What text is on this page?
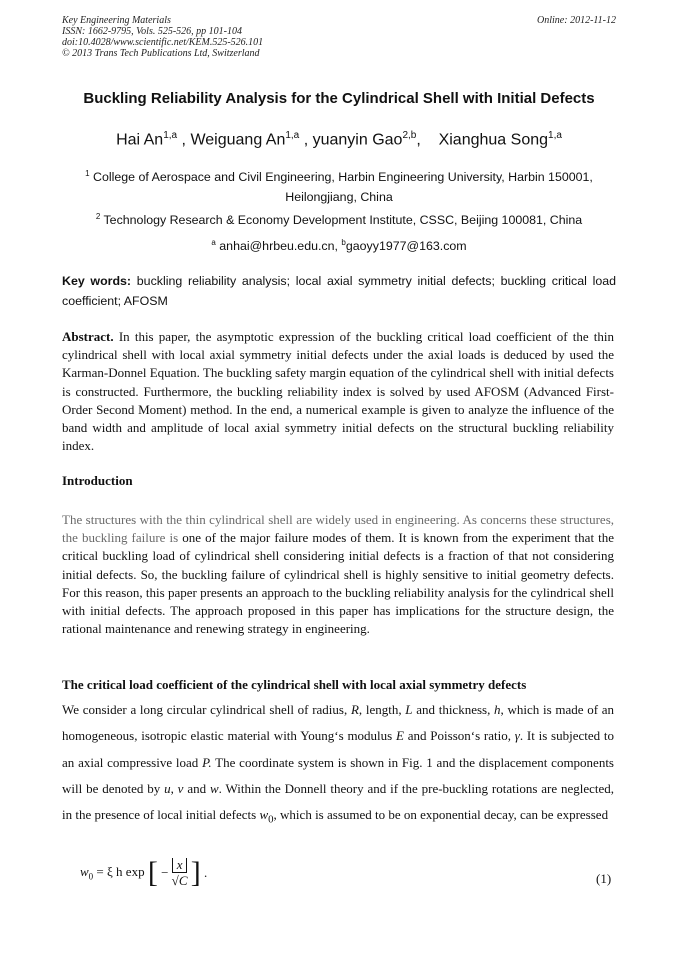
Key Engineering Materials
ISSN: 1662-9795, Vols. 525-526, pp 101-104
doi:10.4028/www.scientific.net/KEM.525-526.101
© 2013 Trans Tech Publications Ltd, Switzerland
Online: 2012-11-12
Buckling Reliability Analysis for the Cylindrical Shell with Initial Defects
Hai An$^{1,a}$ , Weiguang An$^{1,a}$ , yuanyin Gao$^{2,b}$,    Xianghua Song$^{1,a}$
$^1$ College of Aerospace and Civil Engineering, Harbin Engineering University, Harbin 150001, Heilongjiang, China
$^2$ Technology Research & Economy Development Institute, CSSC, Beijing 100081, China
$^a$ anhai@hrbeu.edu.cn, $^b$gaoyy1977@163.com
Key words: buckling reliability analysis; local axial symmetry initial defects; buckling critical load coefficient; AFOSM
Abstract. In this paper, the asymptotic expression of the buckling critical load coefficient of the thin cylindrical shell with local axial symmetry initial defects under the axial loads is deduced by used the Karman-Donnel Equation. The buckling safety margin equation of the cylindrical shell with initial defects is constructed. Furthermore, the buckling reliability index is solved by used AFOSM (Advanced First-Order Second Moment) method. In the end, a numerical example is given to analyze the influence of the band width and amplitude of local axial symmetry initial defects on the structural buckling reliability index.
Introduction
The structures with the thin cylindrical shell are widely used in engineering. As concerns these structures, the buckling failure is one of the major failure modes of them. It is known from the experiment that the critical buckling load of cylindrical shell considering initial defects is a fraction of that not considering initial defects. So, the buckling failure of cylindrical shell is highly sensitive to initial geometry defects. For this reason, this paper presents an approach to the buckling reliability analysis for the cylindrical shell with initial defects. The approach proposed in this paper has implications for the structure design, the rational maintenance and renewing strategy in engineering.
The critical load coefficient of the cylindrical shell with local axial symmetry defects
We consider a long circular cylindrical shell of radius, R, length, L and thickness, h, which is made of an homogeneous, isotropic elastic material with Young‘s modulus E and Poisson‘s ratio, γ. It is subjected to an axial compressive load P. The coordinate system is shown in Fig. 1 and the displacement components will be denoted by u, v and w. Within the Donnell theory and if the pre-buckling rotations are neglected, in the presence of local initial defects $w_0$, which is assumed to be on exponential decay, can be expressed
$w_0 = \xi$ h exp [ − $\frac{x}{√C}$ ] .	(1)
